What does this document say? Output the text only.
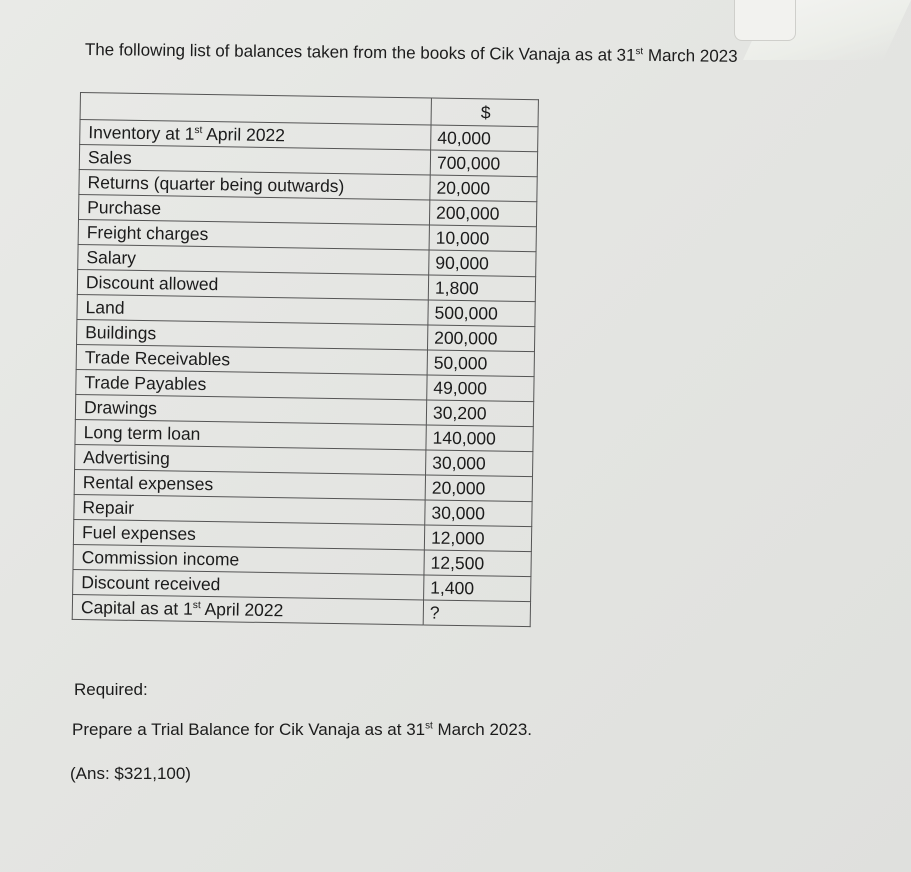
The following list of balances taken from the books of Cik Vanaja as at 31st March 2023
	$
Inventory at 1st April 2022	40,000
Sales	700,000
Returns (quarter being outwards)	20,000
Purchase	200,000
Freight charges	10,000
Salary	90,000
Discount allowed	1,800
Land	500,000
Buildings	200,000
Trade Receivables	50,000
Trade Payables	49,000
Drawings	30,200
Long term loan	140,000
Advertising	30,000
Rental expenses	20,000
Repair	30,000
Fuel expenses	12,000
Commission income	12,500
Discount received	1,400
Capital as at 1st April 2022	?
Required:
Prepare a Trial Balance for Cik Vanaja as at 31st March 2023.
(Ans: $321,100)
